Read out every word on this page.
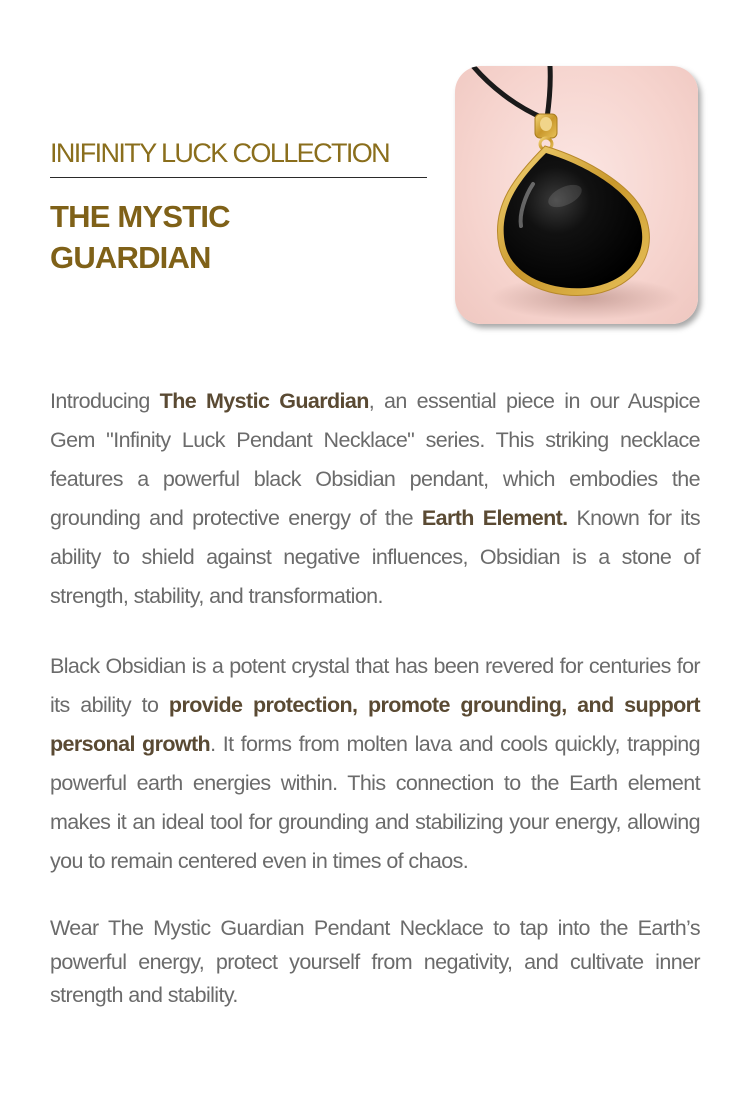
INIFINITY LUCK COLLECTION
THE MYSTIC
GUARDIAN

Introducing The Mystic Guardian, an essential piece in our Auspice Gem "Infinity Luck Pendant Necklace" series. This striking necklace features a powerful black Obsidian pendant, which embodies the grounding and protective energy of the Earth Element. Known for its ability to shield against negative influences, Obsidian is a stone of strength, stability, and transformation.

Black Obsidian is a potent crystal that has been revered for centuries for its ability to provide protection, promote grounding, and support personal growth. It forms from molten lava and cools quickly, trapping powerful earth energies within. This connection to the Earth element makes it an ideal tool for grounding and stabilizing your energy, allowing you to remain centered even in times of chaos.

Wear The Mystic Guardian Pendant Necklace to tap into the Earth’s powerful energy, protect yourself from negativity, and cultivate inner strength and stability.
